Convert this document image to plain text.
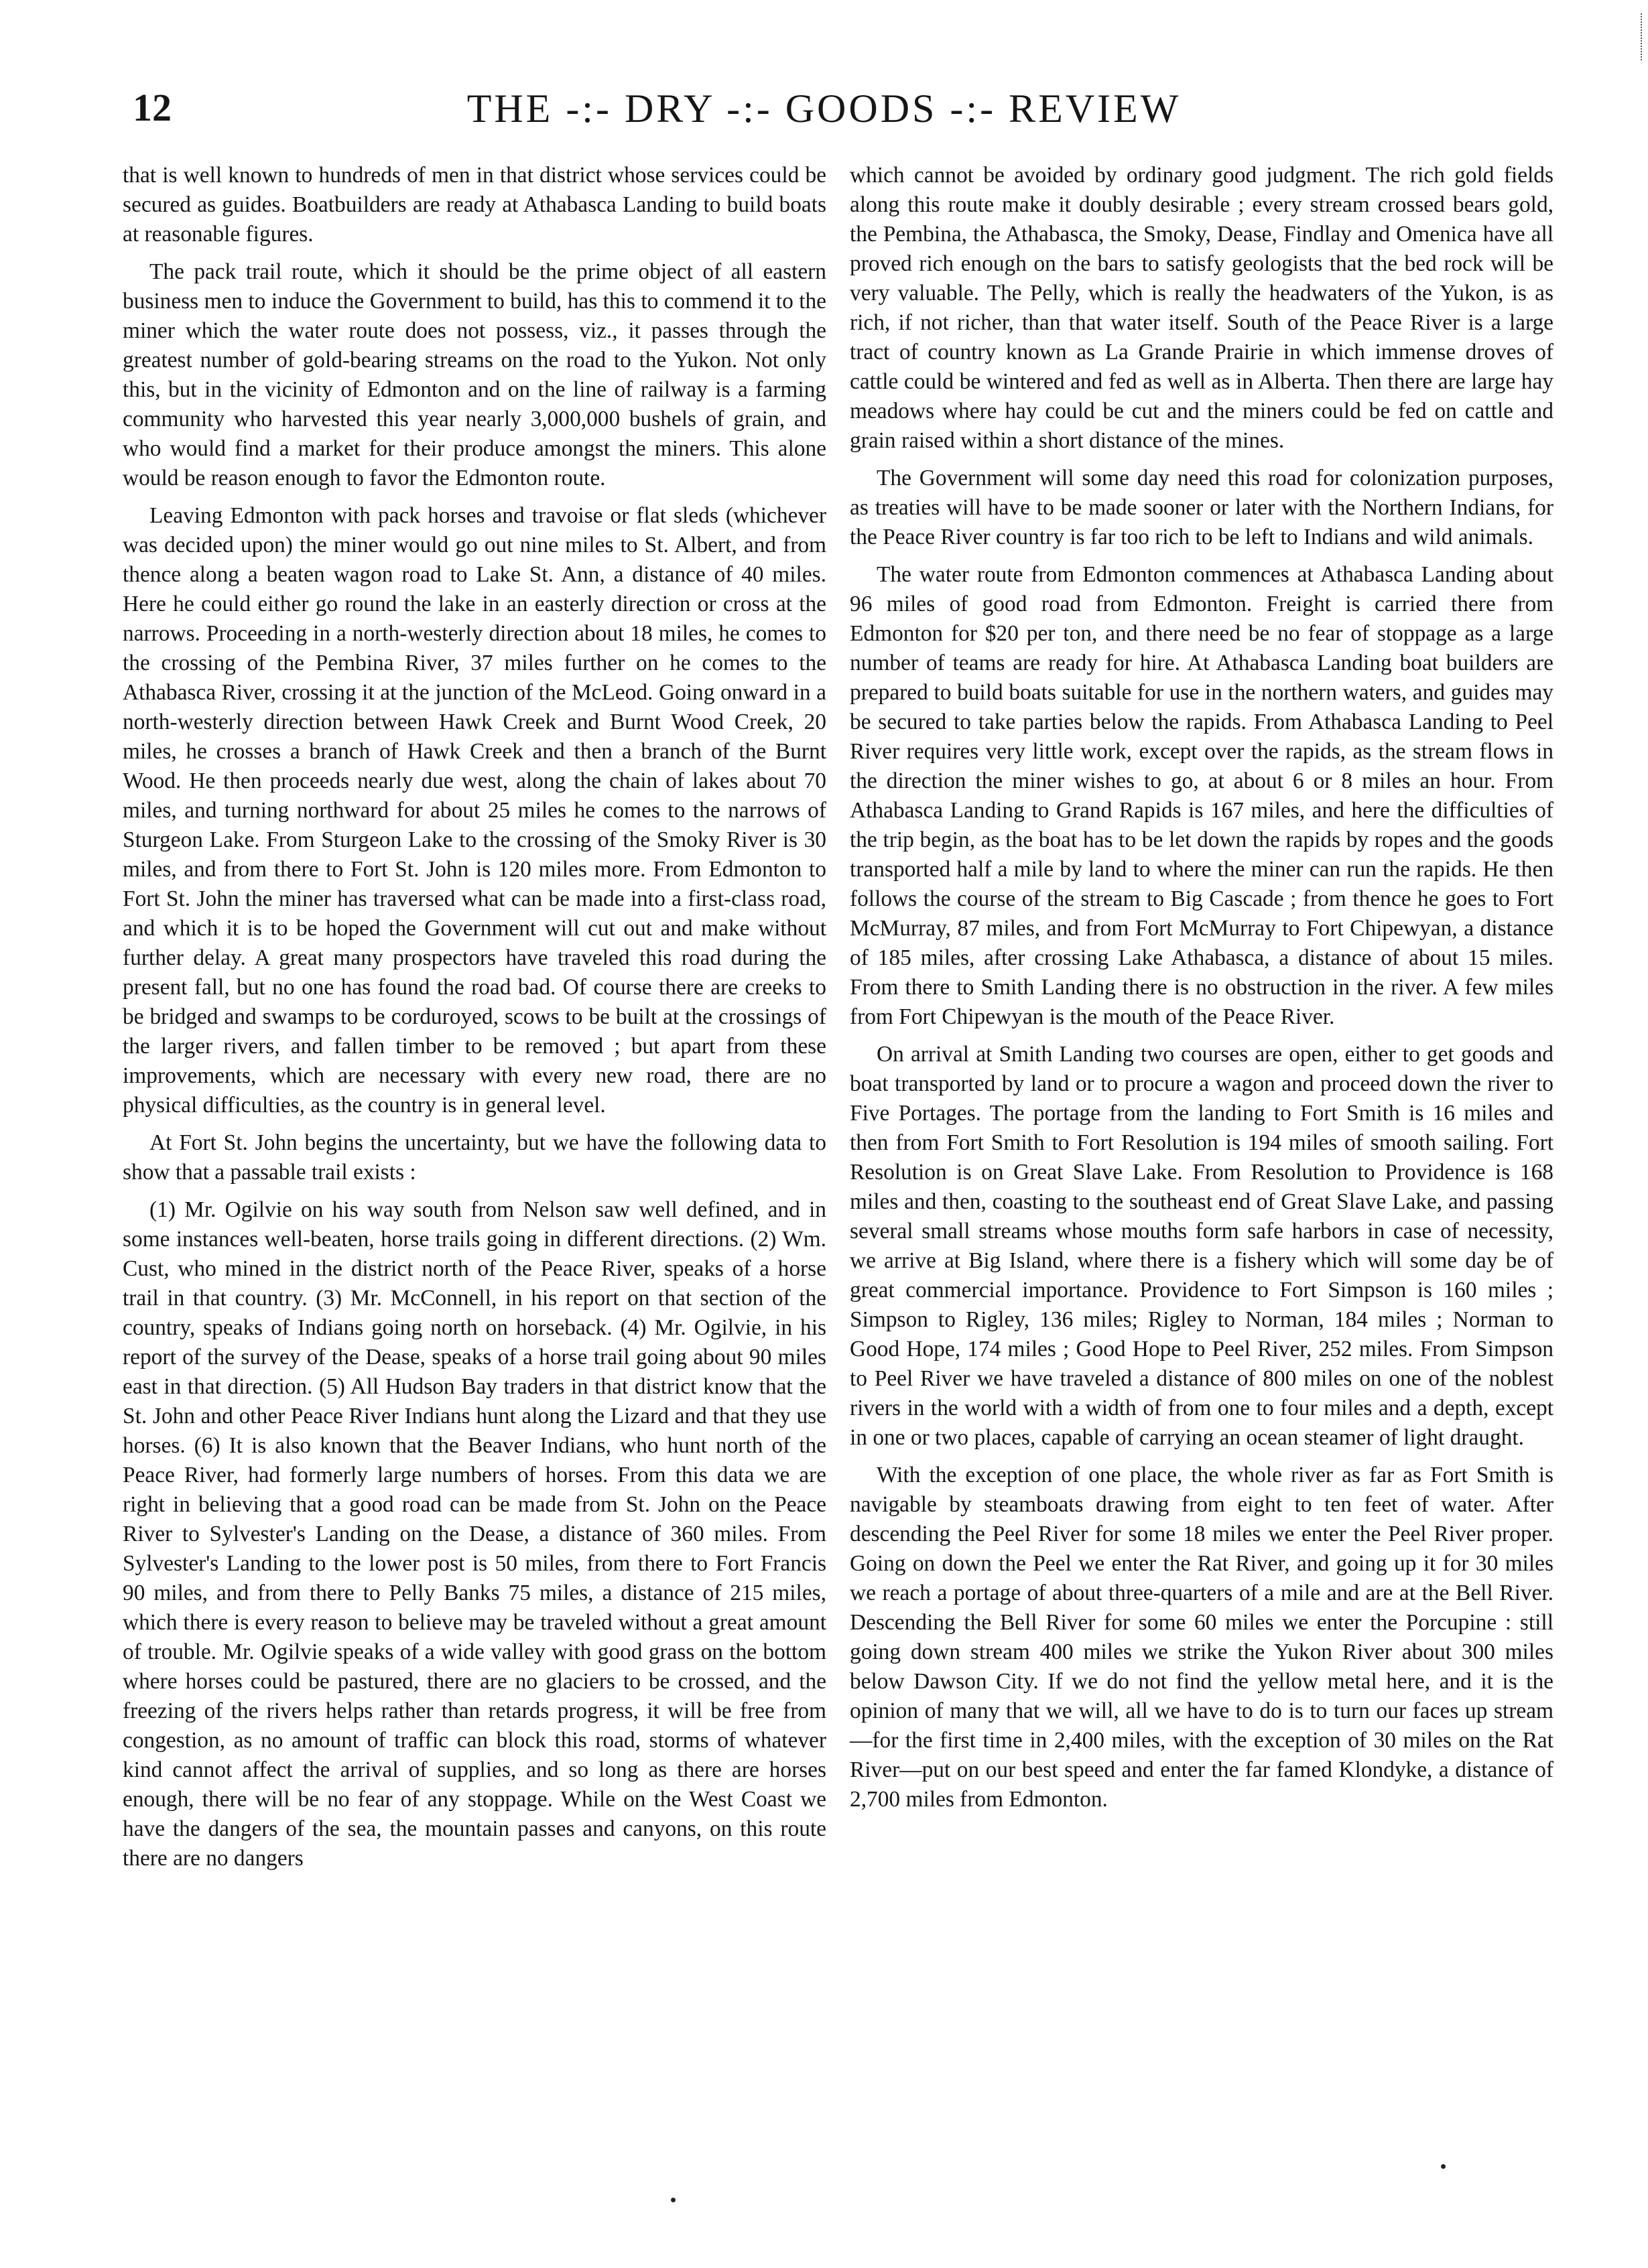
12	THE -:- DRY -:- GOODS -:- REVIEW

that is well known to hundreds of men in that district whose services could be secured as guides. Boatbuilders are ready at Athabasca Landing to build boats at reasonable figures.

The pack trail route, which it should be the prime object of all eastern business men to induce the Government to build, has this to commend it to the miner which the water route does not possess, viz., it passes through the greatest number of gold-bearing streams on the road to the Yukon. Not only this, but in the vicinity of Edmonton and on the line of railway is a farming community who harvested this year nearly 3,000,000 bushels of grain, and who would find a market for their produce amongst the miners. This alone would be reason enough to favor the Edmonton route.

Leaving Edmonton with pack horses and travoise or flat sleds (whichever was decided upon) the miner would go out nine miles to St. Albert, and from thence along a beaten wagon road to Lake St. Ann, a distance of 40 miles. Here he could either go round the lake in an easterly direction or cross at the narrows. Proceeding in a north-westerly direction about 18 miles, he comes to the crossing of the Pembina River, 37 miles further on he comes to the Athabasca River, crossing it at the junction of the McLeod. Going onward in a north-westerly direction between Hawk Creek and Burnt Wood Creek, 20 miles, he crosses a branch of Hawk Creek and then a branch of the Burnt Wood. He then proceeds nearly due west, along the chain of lakes about 70 miles, and turning northward for about 25 miles he comes to the narrows of Sturgeon Lake. From Sturgeon Lake to the crossing of the Smoky River is 30 miles, and from there to Fort St. John is 120 miles more. From Edmonton to Fort St. John the miner has traversed what can be made into a first-class road, and which it is to be hoped the Government will cut out and make without further delay. A great many prospectors have traveled this road during the present fall, but no one has found the road bad. Of course there are creeks to be bridged and swamps to be corduroyed, scows to be built at the crossings of the larger rivers, and fallen timber to be removed ; but apart from these improvements, which are necessary with every new road, there are no physical difficulties, as the country is in general level.

At Fort St. John begins the uncertainty, but we have the following data to show that a passable trail exists :

(1) Mr. Ogilvie on his way south from Nelson saw well defined, and in some instances well-beaten, horse trails going in different directions. (2) Wm. Cust, who mined in the district north of the Peace River, speaks of a horse trail in that country. (3) Mr. McConnell, in his report on that section of the country, speaks of Indians going north on horseback. (4) Mr. Ogilvie, in his report of the survey of the Dease, speaks of a horse trail going about 90 miles east in that direction. (5) All Hudson Bay traders in that district know that the St. John and other Peace River Indians hunt along the Lizard and that they use horses. (6) It is also known that the Beaver Indians, who hunt north of the Peace River, had formerly large numbers of horses. From this data we are right in believing that a good road can be made from St. John on the Peace River to Sylvester's Landing on the Dease, a distance of 360 miles. From Sylvester's Landing to the lower post is 50 miles, from there to Fort Francis 90 miles, and from there to Pelly Banks 75 miles, a distance of 215 miles, which there is every reason to believe may be traveled without a great amount of trouble. Mr. Ogilvie speaks of a wide valley with good grass on the bottom where horses could be pastured, there are no glaciers to be crossed, and the freezing of the rivers helps rather than retards progress, it will be free from congestion, as no amount of traffic can block this road, storms of whatever kind cannot affect the arrival of supplies, and so long as there are horses enough, there will be no fear of any stoppage. While on the West Coast we have the dangers of the sea, the mountain passes and canyons, on this route there are no dangers

which cannot be avoided by ordinary good judgment. The rich gold fields along this route make it doubly desirable ; every stream crossed bears gold, the Pembina, the Athabasca, the Smoky, Dease, Findlay and Omenica have all proved rich enough on the bars to satisfy geologists that the bed rock will be very valuable. The Pelly, which is really the headwaters of the Yukon, is as rich, if not richer, than that water itself. South of the Peace River is a large tract of country known as La Grande Prairie in which immense droves of cattle could be wintered and fed as well as in Alberta. Then there are large hay meadows where hay could be cut and the miners could be fed on cattle and grain raised within a short distance of the mines.

The Government will some day need this road for colonization purposes, as treaties will have to be made sooner or later with the Northern Indians, for the Peace River country is far too rich to be left to Indians and wild animals.

The water route from Edmonton commences at Athabasca Landing about 96 miles of good road from Edmonton. Freight is carried there from Edmonton for $20 per ton, and there need be no fear of stoppage as a large number of teams are ready for hire. At Athabasca Landing boat builders are prepared to build boats suitable for use in the northern waters, and guides may be secured to take parties below the rapids. From Athabasca Landing to Peel River requires very little work, except over the rapids, as the stream flows in the direction the miner wishes to go, at about 6 or 8 miles an hour. From Athabasca Landing to Grand Rapids is 167 miles, and here the difficulties of the trip begin, as the boat has to be let down the rapids by ropes and the goods transported half a mile by land to where the miner can run the rapids. He then follows the course of the stream to Big Cascade ; from thence he goes to Fort McMurray, 87 miles, and from Fort McMurray to Fort Chipewyan, a distance of 185 miles, after crossing Lake Athabasca, a distance of about 15 miles. From there to Smith Landing there is no obstruction in the river. A few miles from Fort Chipewyan is the mouth of the Peace River.

On arrival at Smith Landing two courses are open, either to get goods and boat transported by land or to procure a wagon and proceed down the river to Five Portages. The portage from the landing to Fort Smith is 16 miles and then from Fort Smith to Fort Resolution is 194 miles of smooth sailing. Fort Resolution is on Great Slave Lake. From Resolution to Providence is 168 miles and then, coasting to the southeast end of Great Slave Lake, and passing several small streams whose mouths form safe harbors in case of necessity, we arrive at Big Island, where there is a fishery which will some day be of great commercial importance. Providence to Fort Simpson is 160 miles ; Simpson to Rigley, 136 miles; Rigley to Norman, 184 miles ; Norman to Good Hope, 174 miles ; Good Hope to Peel River, 252 miles. From Simpson to Peel River we have traveled a distance of 800 miles on one of the noblest rivers in the world with a width of from one to four miles and a depth, except in one or two places, capable of carrying an ocean steamer of light draught.

With the exception of one place, the whole river as far as Fort Smith is navigable by steamboats drawing from eight to ten feet of water. After descending the Peel River for some 18 miles we enter the Peel River proper. Going on down the Peel we enter the Rat River, and going up it for 30 miles we reach a portage of about three-quarters of a mile and are at the Bell River. Descending the Bell River for some 60 miles we enter the Porcupine : still going down stream 400 miles we strike the Yukon River about 300 miles below Dawson City. If we do not find the yellow metal here, and it is the opinion of many that we will, all we have to do is to turn our faces up stream—for the first time in 2,400 miles, with the exception of 30 miles on the Rat River—put on our best speed and enter the far famed Klondyke, a distance of 2,700 miles from Edmonton.
